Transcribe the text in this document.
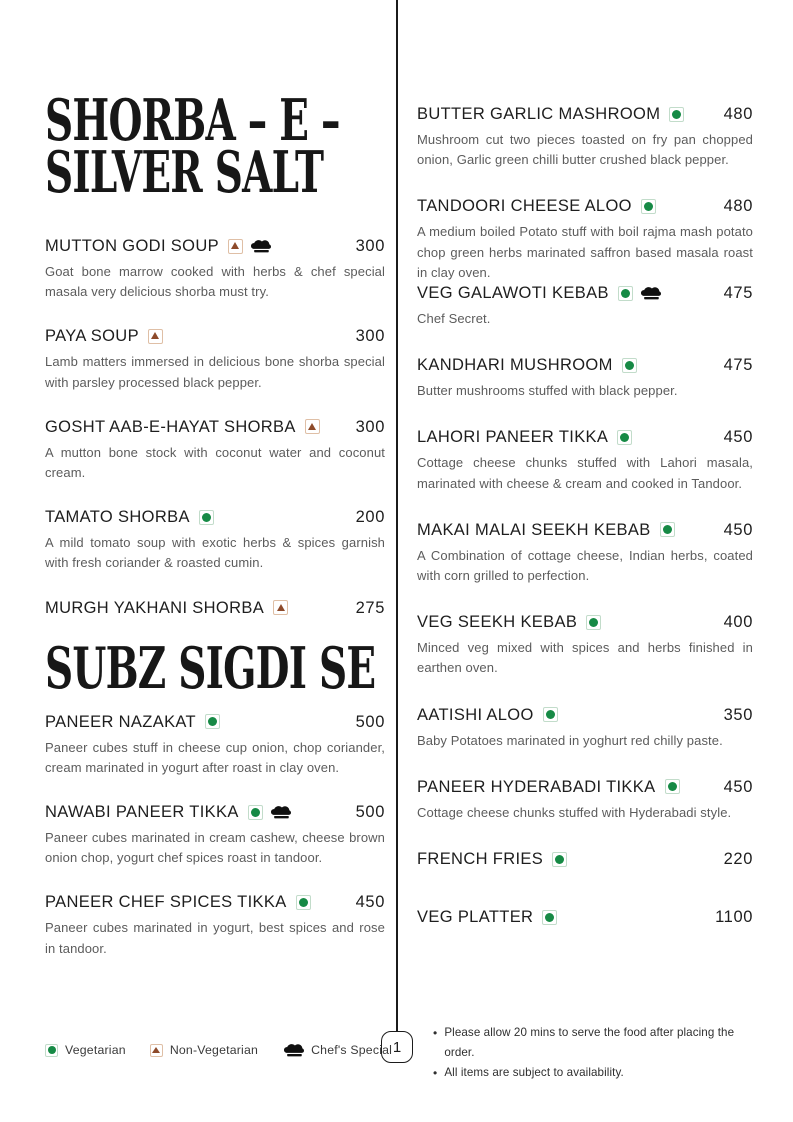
SHORBA – E –
SILVER SALT
MUTTON GODI SOUP	300

Goat bone marrow cooked with herbs & chef special masala very delicious shorba must try.

PAYA SOUP	300

Lamb matters immersed in delicious bone shorba special with parsley processed black pepper.

GOSHT AAB-E-HAYAT SHORBA	300

A mutton bone stock with coconut water and coconut cream.

TAMATO SHORBA	200

A mild tomato soup with exotic herbs & spices garnish with fresh coriander & roasted cumin.

MURGH YAKHANI SHORBA	275
SUBZ SIGDI SE
PANEER NAZAKAT	500

Paneer cubes stuff in cheese cup onion, chop coriander, cream marinated in yogurt after roast in clay oven.

NAWABI PANEER TIKKA	500

Paneer cubes marinated in cream cashew, cheese brown onion chop, yogurt chef spices roast in tandoor.

PANEER CHEF SPICES TIKKA	450

Paneer cubes marinated in yogurt, best spices and rose in tandoor.

BUTTER GARLIC MASHROOM	480

Mushroom cut two pieces toasted on fry pan chopped onion, Garlic green chilli butter crushed black pepper.

TANDOORI CHEESE ALOO	480

A medium boiled Potato stuff with boil rajma mash potato chop green herbs marinated saffron based masala roast in clay oven.

VEG GALAWOTI KEBAB	475

Chef Secret.

KANDHARI MUSHROOM	475

Butter mushrooms stuffed with black pepper.

LAHORI PANEER TIKKA	450

Cottage cheese chunks stuffed with Lahori masala, marinated with cheese & cream and cooked in Tandoor.

MAKAI MALAI SEEKH KEBAB	450

A Combination of cottage cheese, Indian herbs, coated with corn grilled to perfection.

VEG SEEKH KEBAB	400

Minced veg mixed with spices and herbs finished in earthen oven.

AATISHI ALOO	350

Baby Potatoes marinated in yoghurt red chilly paste.

PANEER HYDERABADI TIKKA	450

Cottage cheese chunks stuffed with Hyderabadi style.

FRENCH FRIES	220
VEG PLATTER	1100
1
Vegetarian	Non-Vegetarian	Chef's Special
• Please allow 20 mins to serve the food after placing the order.
• All items are subject to availability.
